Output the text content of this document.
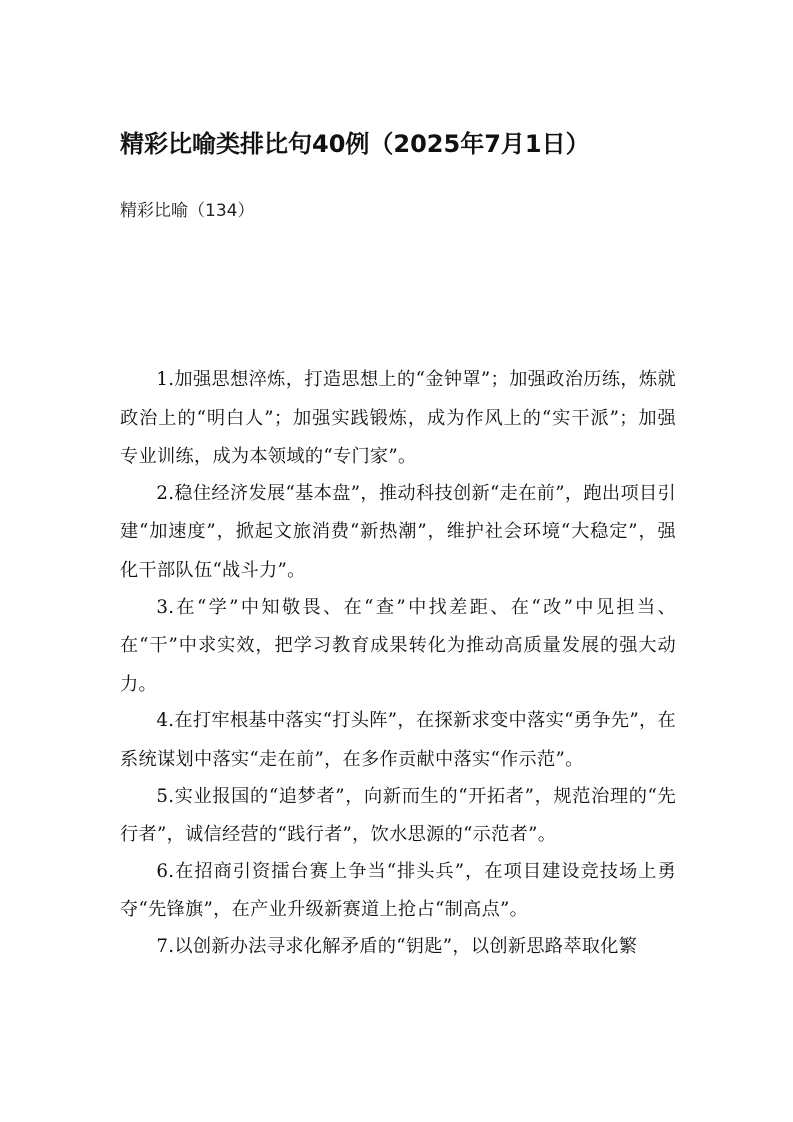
精彩比喻类排比句40例（2025年7月1日）

精彩比喻（134）

1.加强思想淬炼，打造思想上的“金钟罩”；加强政治历练，炼就政治上的“明白人”；加强实践锻炼，成为作风上的“实干派”；加强专业训练，成为本领域的“专门家”。

2.稳住经济发展“基本盘”，推动科技创新“走在前”，跑出项目引建“加速度”，掀起文旅消费“新热潮”，维护社会环境“大稳定”，强化干部队伍“战斗力”。

3.在“学”中知敬畏、在“查”中找差距、在“改”中见担当、在“干”中求实效，把学习教育成果转化为推动高质量发展的强大动力。

4.在打牢根基中落实“打头阵”，在探新求变中落实“勇争先”，在系统谋划中落实“走在前”，在多作贡献中落实“作示范”。

5.实业报国的“追梦者”，向新而生的“开拓者”，规范治理的“先行者”，诚信经营的“践行者”，饮水思源的“示范者”。

6.在招商引资擂台赛上争当“排头兵”，在项目建设竞技场上勇夺“先锋旗”，在产业升级新赛道上抢占“制高点”。

7.以创新办法寻求化解矛盾的“钥匙”，以创新思路萃取化繁
